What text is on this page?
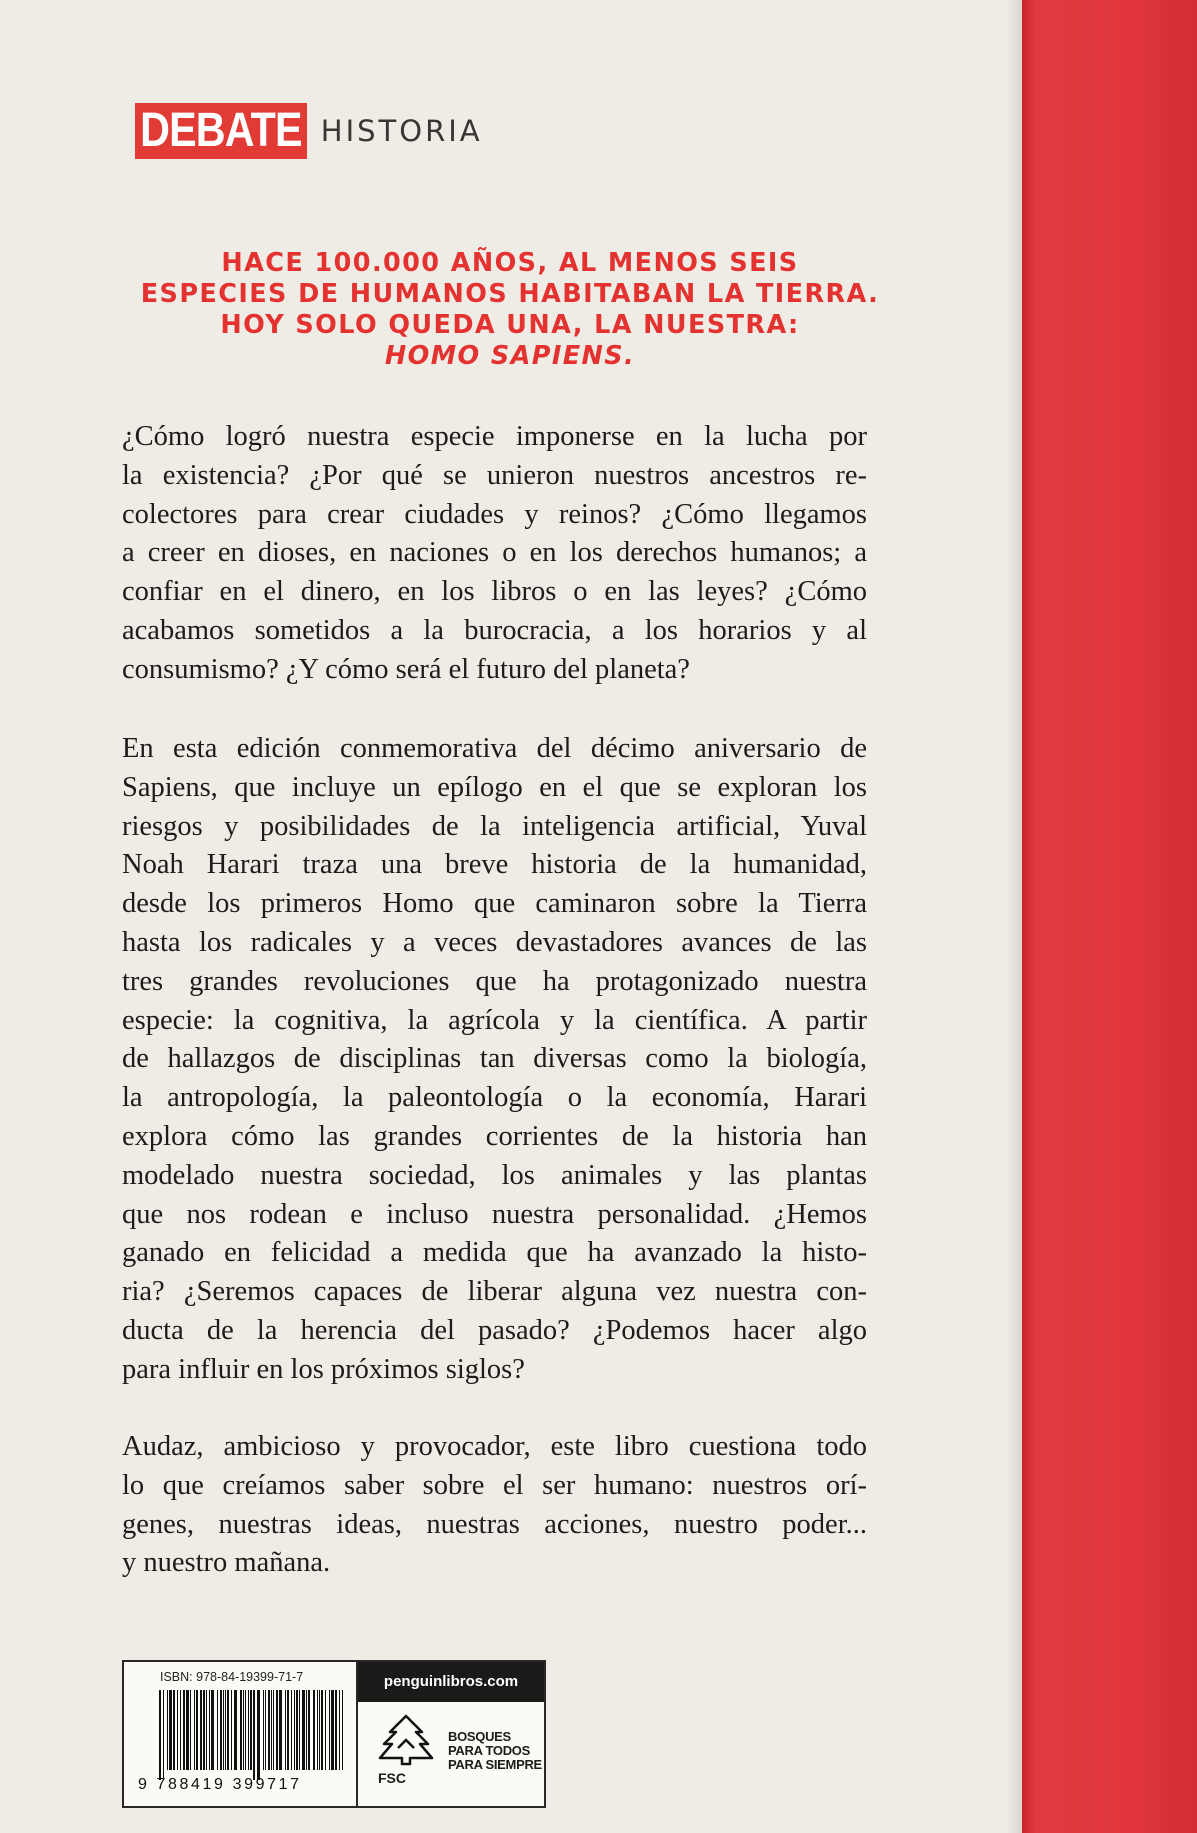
DEBATE HISTORIA
HACE 100.000 AÑOS, AL MENOS SEIS
ESPECIES DE HUMANOS HABITABAN LA TIERRA.
HOY SOLO QUEDA UNA, LA NUESTRA:
HOMO SAPIENS.
¿Cómo logró nuestra especie imponerse en la lucha por
la existencia? ¿Por qué se unieron nuestros ancestros re-
colectores para crear ciudades y reinos? ¿Cómo llegamos
a creer en dioses, en naciones o en los derechos humanos; a
confiar en el dinero, en los libros o en las leyes? ¿Cómo
acabamos sometidos a la burocracia, a los horarios y al
consumismo? ¿Y cómo será el futuro del planeta?
En esta edición conmemorativa del décimo aniversario de
Sapiens, que incluye un epílogo en el que se exploran los
riesgos y posibilidades de la inteligencia artificial, Yuval
Noah Harari traza una breve historia de la humanidad,
desde los primeros Homo que caminaron sobre la Tierra
hasta los radicales y a veces devastadores avances de las
tres grandes revoluciones que ha protagonizado nuestra
especie: la cognitiva, la agrícola y la científica. A partir
de hallazgos de disciplinas tan diversas como la biología,
la antropología, la paleontología o la economía, Harari
explora cómo las grandes corrientes de la historia han
modelado nuestra sociedad, los animales y las plantas
que nos rodean e incluso nuestra personalidad. ¿Hemos
ganado en felicidad a medida que ha avanzado la histo-
ria? ¿Seremos capaces de liberar alguna vez nuestra con-
ducta de la herencia del pasado? ¿Podemos hacer algo
para influir en los próximos siglos?
Audaz, ambicioso y provocador, este libro cuestiona todo
lo que creíamos saber sobre el ser humano: nuestros orí-
genes, nuestras ideas, nuestras acciones, nuestro poder...
y nuestro mañana.
ISBN: 978-84-19399-71-7
9 788419 399717
penguinlibros.com
FSC
BOSQUES
PARA TODOS
PARA SIEMPRE
